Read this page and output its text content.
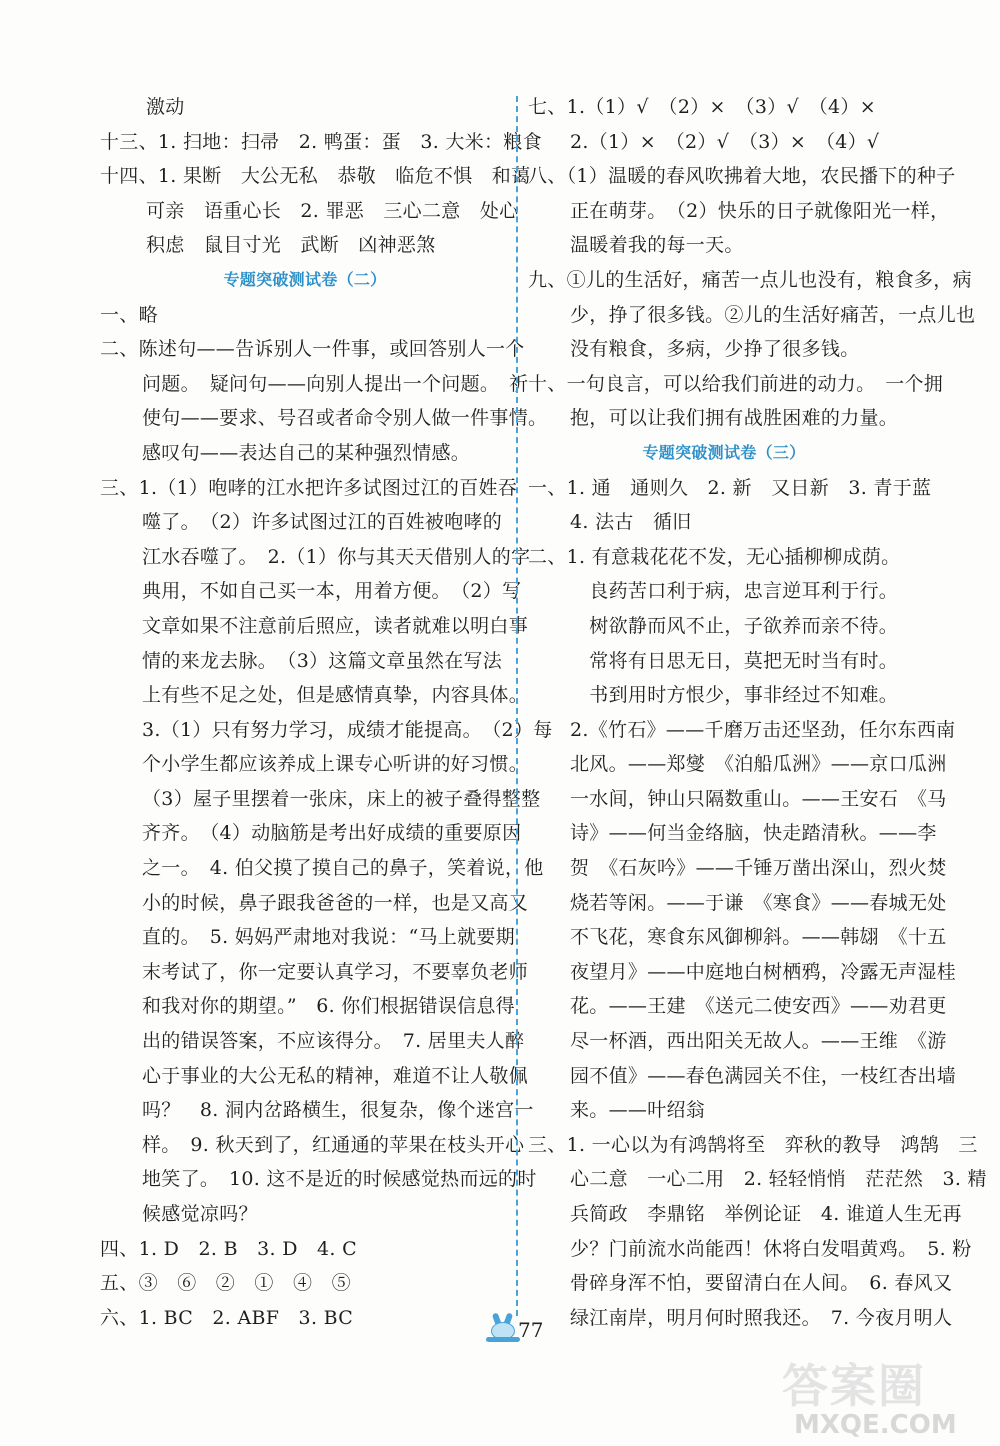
激动
十三、1. 扫地：扫帚　2. 鸭蛋：蛋　3. 大米：粮食
十四、1. 果断　大公无私　恭敬　临危不惧　和蔼
可亲　语重心长　2. 罪恶　三心二意　处心
积虑　鼠目寸光　武断　凶神恶煞
专题突破测试卷（二）
一、略
二、陈述句——告诉别人一件事，或回答别人一个
问题。　疑问句——向别人提出一个问题。　祈
使句——要求、号召或者命令别人做一件事情。
感叹句——表达自己的某种强烈情感。
三、1.（1）咆哮的江水把许多试图过江的百姓吞
噬了。　（2）许多试图过江的百姓被咆哮的
江水吞噬了。　2.（1）你与其天天借别人的字
典用，不如自己买一本，用着方便。　（2）写
文章如果不注意前后照应，读者就难以明白事
情的来龙去脉。　（3）这篇文章虽然在写法
上有些不足之处，但是感情真挚，内容具体。
3.（1）只有努力学习，成绩才能提高。　（2）每
个小学生都应该养成上课专心听讲的好习惯。
（3）屋子里摆着一张床，床上的被子叠得整整
齐齐。　（4）动脑筋是考出好成绩的重要原因
之一。　4. 伯父摸了摸自己的鼻子，笑着说，他
小的时候，鼻子跟我爸爸的一样，也是又高又
直的。　5. 妈妈严肃地对我说：“马上就要期
末考试了，你一定要认真学习，不要辜负老师
和我对你的期望。”　6. 你们根据错误信息得
出的错误答案，不应该得分。　7. 居里夫人醉
心于事业的大公无私的精神，难道不让人敬佩
吗？　8. 洞内岔路横生，很复杂，像个迷宫一
样。　9. 秋天到了，红通通的苹果在枝头开心
地笑了。　10. 这不是近的时候感觉热而远的时
候感觉凉吗？
四、1. D　2. B　3. D　4. C
五、③　⑥　②　①　④　⑤
六、1. BC　2. ABF　3. BC
七、1.（1）√　（2）×　（3）√　（4）×
2.（1）×　（2）√　（3）×　（4）√
八、（1）温暖的春风吹拂着大地，农民播下的种子
正在萌芽。　（2）快乐的日子就像阳光一样，
温暖着我的每一天。
九、①儿的生活好，痛苦一点儿也没有，粮食多，病
少，挣了很多钱。②儿的生活好痛苦，一点儿也
没有粮食，多病，少挣了很多钱。
十、一句良言，可以给我们前进的动力。　一个拥
抱，可以让我们拥有战胜困难的力量。
专题突破测试卷（三）
一、1. 通　通则久　2. 新　又日新　3. 青于蓝
4. 法古　循旧
二、1. 有意栽花花不发，无心插柳柳成荫。
　良药苦口利于病，忠言逆耳利于行。
　树欲静而风不止，子欲养而亲不待。
　常将有日思无日，莫把无时当有时。
　书到用时方恨少，事非经过不知难。
2.《竹石》——千磨万击还坚劲，任尔东西南
北风。——郑燮　《泊船瓜洲》——京口瓜洲
一水间，钟山只隔数重山。——王安石　《马
诗》——何当金络脑，快走踏清秋。——李
贺　《石灰吟》——千锤万凿出深山，烈火焚
烧若等闲。——于谦　《寒食》——春城无处
不飞花，寒食东风御柳斜。——韩翃　《十五
夜望月》——中庭地白树栖鸦，冷露无声湿桂
花。——王建　《送元二使安西》——劝君更
尽一杯酒，西出阳关无故人。——王维　《游
园不值》——春色满园关不住，一枝红杏出墙
来。——叶绍翁
三、1. 一心以为有鸿鹄将至　弈秋的教导　鸿鹄　三
心二意　一心二用　2. 轻轻悄悄　茫茫然　3. 精
兵简政　李鼎铭　举例论证　4. 谁道人生无再
少？门前流水尚能西！休将白发唱黄鸡。　5. 粉
骨碎身浑不怕，要留清白在人间。　6. 春风又
绿江南岸，明月何时照我还。　7. 今夜月明人
77
答案圈
MXQE.COM
